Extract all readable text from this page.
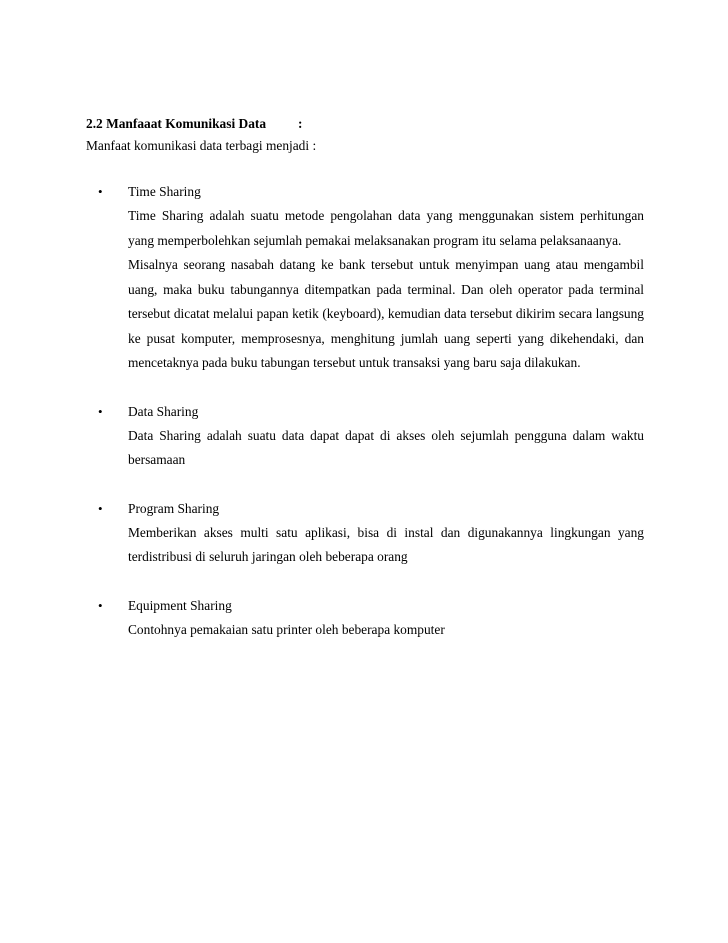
2.2 Manfaaat Komunikasi Data :
Manfaat komunikasi data terbagi menjadi :
• Time Sharing
Time Sharing adalah suatu metode pengolahan data yang menggunakan sistem perhitungan yang memperbolehkan sejumlah pemakai melaksanakan program itu selama pelaksanaanya.
Misalnya seorang nasabah datang ke bank tersebut untuk menyimpan uang atau mengambil uang, maka buku tabungannya ditempatkan pada terminal. Dan oleh operator pada terminal tersebut dicatat melalui papan ketik (keyboard), kemudian data tersebut dikirim secara langsung ke pusat komputer, memprosesnya, menghitung jumlah uang seperti yang dikehendaki, dan mencetaknya pada buku tabungan tersebut untuk transaksi yang baru saja dilakukan.
• Data Sharing
Data Sharing adalah suatu data dapat dapat di akses oleh sejumlah pengguna dalam waktu bersamaan
• Program Sharing
Memberikan akses multi satu aplikasi, bisa di instal dan digunakannya lingkungan yang terdistribusi di seluruh jaringan oleh beberapa orang
• Equipment Sharing
Contohnya pemakaian satu printer oleh beberapa komputer
